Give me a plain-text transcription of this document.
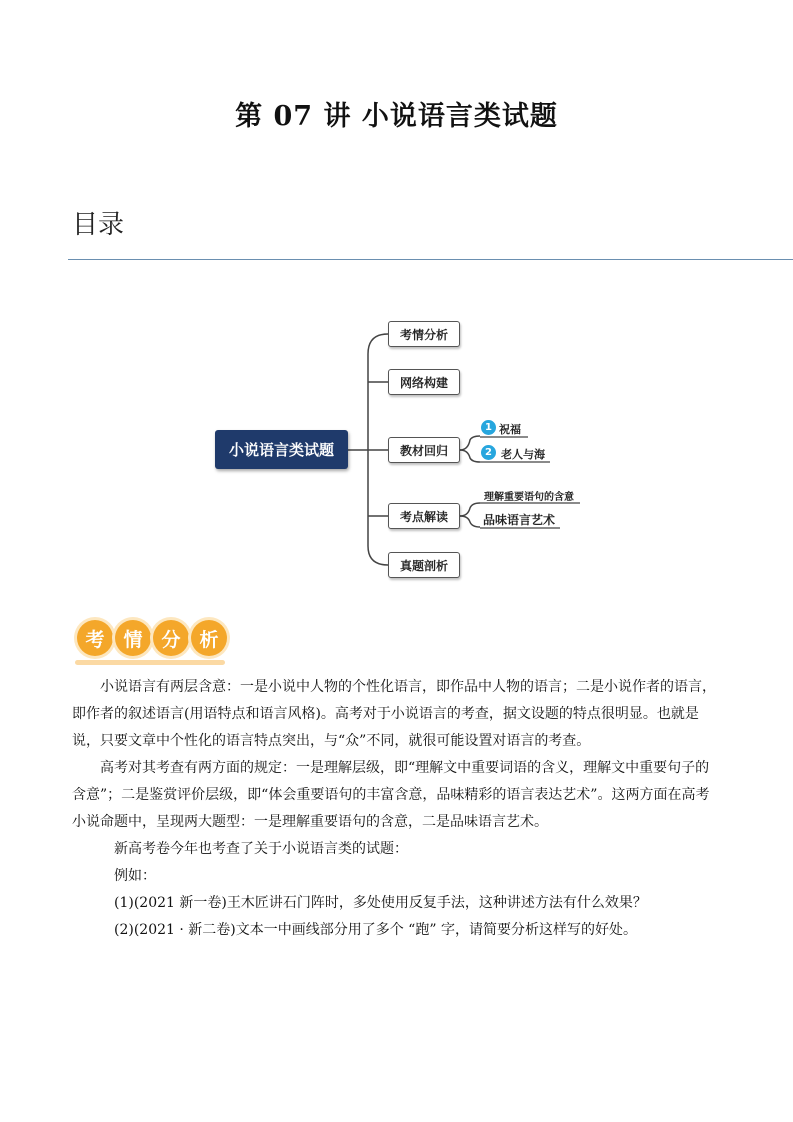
第 07 讲 小说语言类试题
目录
小说语言类试题
考情分析
网络构建
教材回归
考点解读
真题剖析
1 祝福
2 老人与海
理解重要语句的含意
品味语言艺术
考 情 分 析

小说语言有两层含意：一是小说中人物的个性化语言，即作品中人物的语言；二是小说作者的语言，即作者的叙述语言(用语特点和语言风格)。高考对于小说语言的考查，据文设题的特点很明显。也就是说，只要文章中个性化的语言特点突出，与“众”不同，就很可能设置对语言的考查。

高考对其考查有两方面的规定：一是理解层级，即“理解文中重要词语的含义，理解文中重要句子的含意”；二是鉴赏评价层级，即“体会重要语句的丰富含意，品味精彩的语言表达艺术”。这两方面在高考小说命题中，呈现两大题型：一是理解重要语句的含意，二是品味语言艺术。

新高考卷今年也考查了关于小说语言类的试题：

例如：

(1)(2021 新一卷)王木匠讲石门阵时，多处使用反复手法，这种讲述方法有什么效果？

(2)(2021 · 新二卷)文本一中画线部分用了多个 “跑” 字，请简要分析这样写的好处。
